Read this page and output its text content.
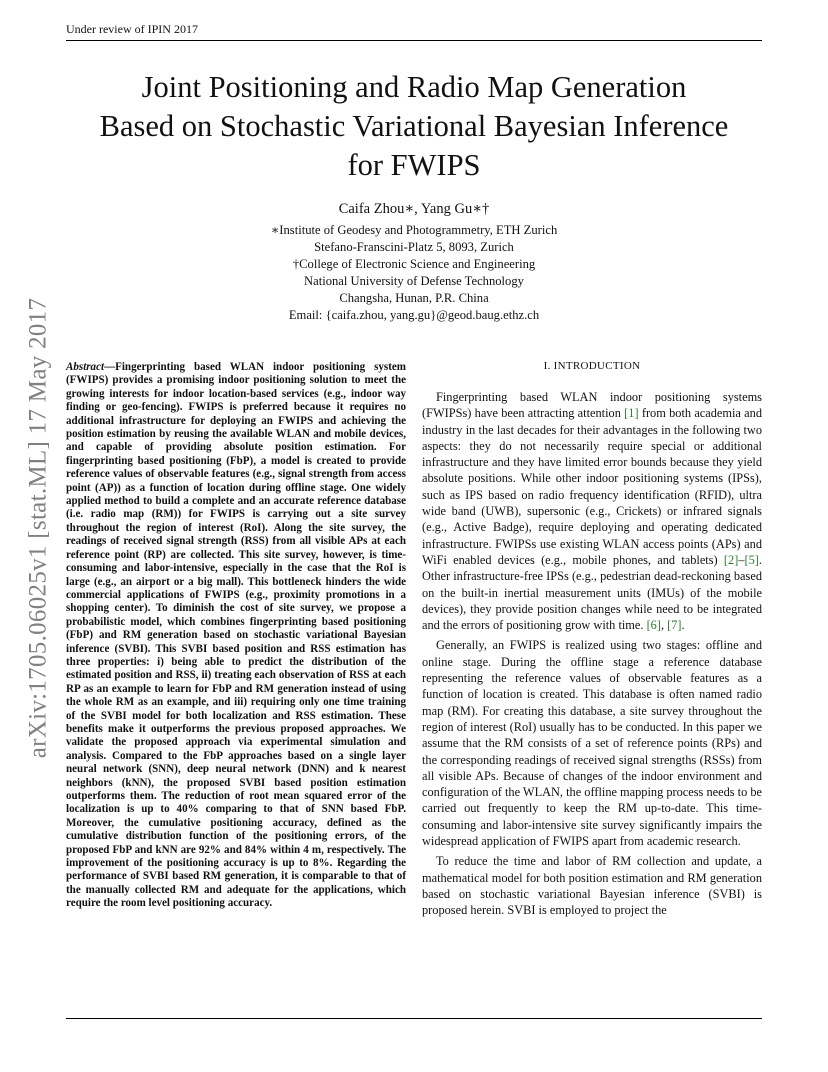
Under review of IPIN 2017
arXiv:1705.06025v1 [stat.ML] 17 May 2017
Joint Positioning and Radio Map Generation
Based on Stochastic Variational Bayesian Inference
for FWIPS
Caifa Zhou∗, Yang Gu∗†
∗Institute of Geodesy and Photogrammetry, ETH Zurich
Stefano-Franscini-Platz 5, 8093, Zurich
†College of Electronic Science and Engineering
National University of Defense Technology
Changsha, Hunan, P.R. China
Email: {caifa.zhou, yang.gu}@geod.baug.ethz.ch

Abstract—Fingerprinting based WLAN indoor positioning system (FWIPS) provides a promising indoor positioning solution to meet the growing interests for indoor location-based services (e.g., indoor way finding or geo-fencing). FWIPS is preferred because it requires no additional infrastructure for deploying an FWIPS and achieving the position estimation by reusing the available WLAN and mobile devices, and capable of providing absolute position estimation. For fingerprinting based positioning (FbP), a model is created to provide reference values of observable features (e.g., signal strength from access point (AP)) as a function of location during offline stage. One widely applied method to build a complete and an accurate reference database (i.e. radio map (RM)) for FWIPS is carrying out a site survey throughout the region of interest (RoI). Along the site survey, the readings of received signal strength (RSS) from all visible APs at each reference point (RP) are collected. This site survey, however, is time-consuming and labor-intensive, especially in the case that the RoI is large (e.g., an airport or a big mall). This bottleneck hinders the wide commercial applications of FWIPS (e.g., proximity promotions in a shopping center). To diminish the cost of site survey, we propose a probabilistic model, which combines fingerprinting based positioning (FbP) and RM generation based on stochastic variational Bayesian inference (SVBI). This SVBI based position and RSS estimation has three properties: i) being able to predict the distribution of the estimated position and RSS, ii) treating each observation of RSS at each RP as an example to learn for FbP and RM generation instead of using the whole RM as an example, and iii) requiring only one time training of the SVBI model for both localization and RSS estimation. These benefits make it outperforms the previous proposed approaches. We validate the proposed approach via experimental simulation and analysis. Compared to the FbP approaches based on a single layer neural network (SNN), deep neural network (DNN) and k nearest neighbors (kNN), the proposed SVBI based position estimation outperforms them. The reduction of root mean squared error of the localization is up to 40% comparing to that of SNN based FbP. Moreover, the cumulative positioning accuracy, defined as the cumulative distribution function of the positioning errors, of the proposed FbP and kNN are 92% and 84% within 4 m, respectively. The improvement of the positioning accuracy is up to 8%. Regarding the performance of SVBI based RM generation, it is comparable to that of the manually collected RM and adequate for the applications, which require the room level positioning accuracy.

I. INTRODUCTION

Fingerprinting based WLAN indoor positioning systems (FWIPSs) have been attracting attention [1] from both academia and industry in the last decades for their advantages in the following two aspects: they do not necessarily require special or additional infrastructure and they have limited error bounds because they yield absolute positions. While other indoor positioning systems (IPSs), such as IPS based on radio frequency identification (RFID), ultra wide band (UWB), supersonic (e.g., Crickets) or infrared signals (e.g., Active Badge), require deploying and operating dedicated infrastructure. FWIPSs use existing WLAN access points (APs) and WiFi enabled devices (e.g., mobile phones, and tablets) [2]–[5]. Other infrastructure-free IPSs (e.g., pedestrian dead-reckoning based on the built-in inertial measurement units (IMUs) of the mobile devices), they provide position changes while need to be integrated and the errors of positioning grow with time. [6], [7].

Generally, an FWIPS is realized using two stages: offline and online stage. During the offline stage a reference database representing the reference values of observable features as a function of location is created. This database is often named radio map (RM). For creating this database, a site survey throughout the region of interest (RoI) usually has to be conducted. In this paper we assume that the RM consists of a set of reference points (RPs) and the corresponding readings of received signal strengths (RSSs) from all visible APs. Because of changes of the indoor environment and configuration of the WLAN, the offline mapping process needs to be carried out frequently to keep the RM up-to-date. This time-consuming and labor-intensive site survey significantly impairs the widespread application of FWIPS apart from academic research.

To reduce the time and labor of RM collection and update, a mathematical model for both position estimation and RM generation based on stochastic variational Bayesian inference (SVBI) is proposed herein. SVBI is employed to project the
